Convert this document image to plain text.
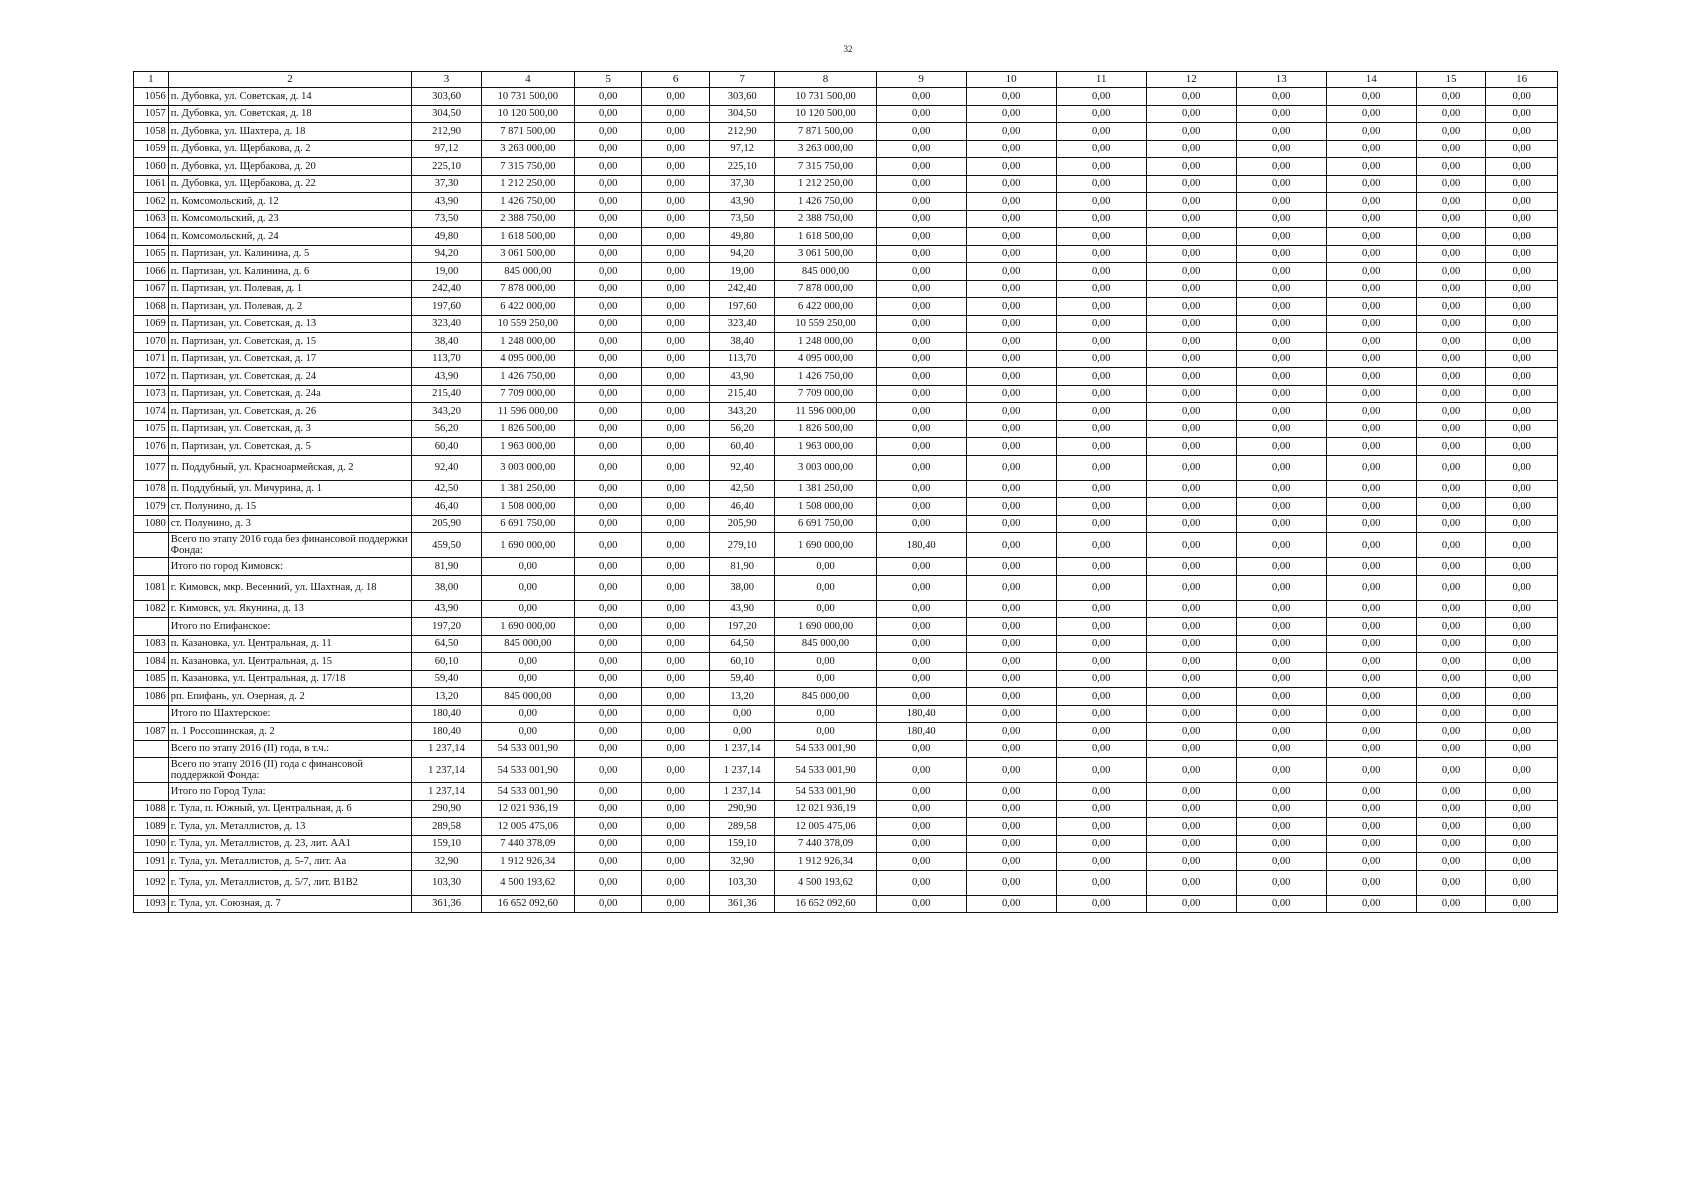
32
1	2	3	4	5	6	7	8	9	10	11	12	13	14	15	16
1056	п. Дубовка, ул. Советская, д. 14	303,60	10 731 500,00	0,00	0,00	303,60	10 731 500,00	0,00	0,00	0,00	0,00	0,00	0,00	0,00	0,00
1057	п. Дубовка, ул. Советская, д. 18	304,50	10 120 500,00	0,00	0,00	304,50	10 120 500,00	0,00	0,00	0,00	0,00	0,00	0,00	0,00	0,00
1058	п. Дубовка, ул. Шахтера, д. 18	212,90	7 871 500,00	0,00	0,00	212,90	7 871 500,00	0,00	0,00	0,00	0,00	0,00	0,00	0,00	0,00
1059	п. Дубовка, ул. Щербакова, д. 2	97,12	3 263 000,00	0,00	0,00	97,12	3 263 000,00	0,00	0,00	0,00	0,00	0,00	0,00	0,00	0,00
1060	п. Дубовка, ул. Щербакова, д. 20	225,10	7 315 750,00	0,00	0,00	225,10	7 315 750,00	0,00	0,00	0,00	0,00	0,00	0,00	0,00	0,00
1061	п. Дубовка, ул. Щербакова, д. 22	37,30	1 212 250,00	0,00	0,00	37,30	1 212 250,00	0,00	0,00	0,00	0,00	0,00	0,00	0,00	0,00
1062	п. Комсомольский, д. 12	43,90	1 426 750,00	0,00	0,00	43,90	1 426 750,00	0,00	0,00	0,00	0,00	0,00	0,00	0,00	0,00
1063	п. Комсомольский, д. 23	73,50	2 388 750,00	0,00	0,00	73,50	2 388 750,00	0,00	0,00	0,00	0,00	0,00	0,00	0,00	0,00
1064	п. Комсомольский, д. 24	49,80	1 618 500,00	0,00	0,00	49,80	1 618 500,00	0,00	0,00	0,00	0,00	0,00	0,00	0,00	0,00
1065	п. Партизан, ул. Калинина, д. 5	94,20	3 061 500,00	0,00	0,00	94,20	3 061 500,00	0,00	0,00	0,00	0,00	0,00	0,00	0,00	0,00
1066	п. Партизан, ул. Калинина, д. 6	19,00	845 000,00	0,00	0,00	19,00	845 000,00	0,00	0,00	0,00	0,00	0,00	0,00	0,00	0,00
1067	п. Партизан, ул. Полевая, д. 1	242,40	7 878 000,00	0,00	0,00	242,40	7 878 000,00	0,00	0,00	0,00	0,00	0,00	0,00	0,00	0,00
1068	п. Партизан, ул. Полевая, д. 2	197,60	6 422 000,00	0,00	0,00	197,60	6 422 000,00	0,00	0,00	0,00	0,00	0,00	0,00	0,00	0,00
1069	п. Партизан, ул. Советская, д. 13	323,40	10 559 250,00	0,00	0,00	323,40	10 559 250,00	0,00	0,00	0,00	0,00	0,00	0,00	0,00	0,00
1070	п. Партизан, ул. Советская, д. 15	38,40	1 248 000,00	0,00	0,00	38,40	1 248 000,00	0,00	0,00	0,00	0,00	0,00	0,00	0,00	0,00
1071	п. Партизан, ул. Советская, д. 17	113,70	4 095 000,00	0,00	0,00	113,70	4 095 000,00	0,00	0,00	0,00	0,00	0,00	0,00	0,00	0,00
1072	п. Партизан, ул. Советская, д. 24	43,90	1 426 750,00	0,00	0,00	43,90	1 426 750,00	0,00	0,00	0,00	0,00	0,00	0,00	0,00	0,00
1073	п. Партизан, ул. Советская, д. 24а	215,40	7 709 000,00	0,00	0,00	215,40	7 709 000,00	0,00	0,00	0,00	0,00	0,00	0,00	0,00	0,00
1074	п. Партизан, ул. Советская, д. 26	343,20	11 596 000,00	0,00	0,00	343,20	11 596 000,00	0,00	0,00	0,00	0,00	0,00	0,00	0,00	0,00
1075	п. Партизан, ул. Советская, д. 3	56,20	1 826 500,00	0,00	0,00	56,20	1 826 500,00	0,00	0,00	0,00	0,00	0,00	0,00	0,00	0,00
1076	п. Партизан, ул. Советская, д. 5	60,40	1 963 000,00	0,00	0,00	60,40	1 963 000,00	0,00	0,00	0,00	0,00	0,00	0,00	0,00	0,00
1077	п. Поддубный, ул. Красноармейская, д. 2	92,40	3 003 000,00	0,00	0,00	92,40	3 003 000,00	0,00	0,00	0,00	0,00	0,00	0,00	0,00	0,00
1078	п. Поддубный, ул. Мичурина, д. 1	42,50	1 381 250,00	0,00	0,00	42,50	1 381 250,00	0,00	0,00	0,00	0,00	0,00	0,00	0,00	0,00
1079	ст. Полунино, д. 15	46,40	1 508 000,00	0,00	0,00	46,40	1 508 000,00	0,00	0,00	0,00	0,00	0,00	0,00	0,00	0,00
1080	ст. Полунино, д. 3	205,90	6 691 750,00	0,00	0,00	205,90	6 691 750,00	0,00	0,00	0,00	0,00	0,00	0,00	0,00	0,00
	Всего по этапу 2016 года без финансовой поддержки Фонда:	459,50	1 690 000,00	0,00	0,00	279,10	1 690 000,00	180,40	0,00	0,00	0,00	0,00	0,00	0,00	0,00
	Итого по город Кимовск:	81,90	0,00	0,00	0,00	81,90	0,00	0,00	0,00	0,00	0,00	0,00	0,00	0,00	0,00
1081	г. Кимовск, мкр. Весенний, ул. Шахтная, д. 18	38,00	0,00	0,00	0,00	38,00	0,00	0,00	0,00	0,00	0,00	0,00	0,00	0,00	0,00
1082	г. Кимовск, ул. Якунина, д. 13	43,90	0,00	0,00	0,00	43,90	0,00	0,00	0,00	0,00	0,00	0,00	0,00	0,00	0,00
	Итого по Епифанское:	197,20	1 690 000,00	0,00	0,00	197,20	1 690 000,00	0,00	0,00	0,00	0,00	0,00	0,00	0,00	0,00
1083	п. Казановка, ул. Центральная, д. 11	64,50	845 000,00	0,00	0,00	64,50	845 000,00	0,00	0,00	0,00	0,00	0,00	0,00	0,00	0,00
1084	п. Казановка, ул. Центральная, д. 15	60,10	0,00	0,00	0,00	60,10	0,00	0,00	0,00	0,00	0,00	0,00	0,00	0,00	0,00
1085	п. Казановка, ул. Центральная, д. 17/18	59,40	0,00	0,00	0,00	59,40	0,00	0,00	0,00	0,00	0,00	0,00	0,00	0,00	0,00
1086	рп. Епифань, ул. Озерная, д. 2	13,20	845 000,00	0,00	0,00	13,20	845 000,00	0,00	0,00	0,00	0,00	0,00	0,00	0,00	0,00
	Итого по Шахтерское:	180,40	0,00	0,00	0,00	0,00	0,00	180,40	0,00	0,00	0,00	0,00	0,00	0,00	0,00
1087	п. 1 Россошинская, д. 2	180,40	0,00	0,00	0,00	0,00	0,00	180,40	0,00	0,00	0,00	0,00	0,00	0,00	0,00
	Всего по этапу 2016 (II) года, в т.ч.:	1 237,14	54 533 001,90	0,00	0,00	1 237,14	54 533 001,90	0,00	0,00	0,00	0,00	0,00	0,00	0,00	0,00
	Всего по этапу 2016 (II) года с финансовой поддержкой Фонда:	1 237,14	54 533 001,90	0,00	0,00	1 237,14	54 533 001,90	0,00	0,00	0,00	0,00	0,00	0,00	0,00	0,00
	Итого по Город Тула:	1 237,14	54 533 001,90	0,00	0,00	1 237,14	54 533 001,90	0,00	0,00	0,00	0,00	0,00	0,00	0,00	0,00
1088	г. Тула, п. Южный, ул. Центральная, д. 6	290,90	12 021 936,19	0,00	0,00	290,90	12 021 936,19	0,00	0,00	0,00	0,00	0,00	0,00	0,00	0,00
1089	г. Тула, ул. Металлистов, д. 13	289,58	12 005 475,06	0,00	0,00	289,58	12 005 475,06	0,00	0,00	0,00	0,00	0,00	0,00	0,00	0,00
1090	г. Тула, ул. Металлистов, д. 23, лит. АА1	159,10	7 440 378,09	0,00	0,00	159,10	7 440 378,09	0,00	0,00	0,00	0,00	0,00	0,00	0,00	0,00
1091	г. Тула, ул. Металлистов, д. 5-7, лит. Аа	32,90	1 912 926,34	0,00	0,00	32,90	1 912 926,34	0,00	0,00	0,00	0,00	0,00	0,00	0,00	0,00
1092	г. Тула, ул. Металлистов, д. 5/7, лит. В1В2	103,30	4 500 193,62	0,00	0,00	103,30	4 500 193,62	0,00	0,00	0,00	0,00	0,00	0,00	0,00	0,00
1093	г. Тула, ул. Союзная, д. 7	361,36	16 652 092,60	0,00	0,00	361,36	16 652 092,60	0,00	0,00	0,00	0,00	0,00	0,00	0,00	0,00
